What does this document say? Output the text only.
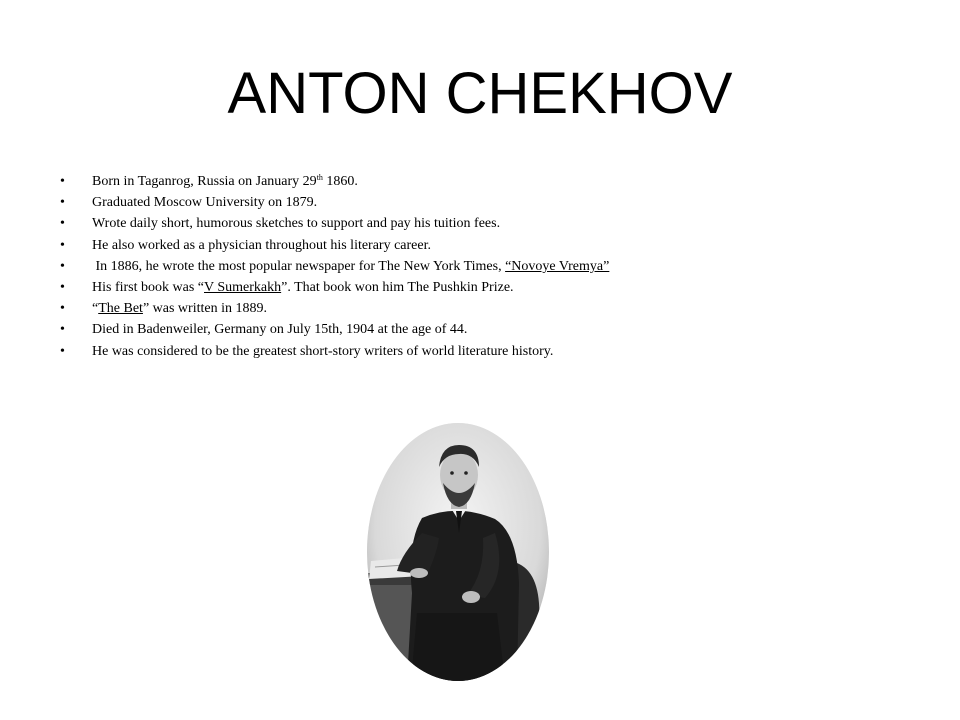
ANTON CHEKHOV
• Born in Taganrog, Russia on January 29th 1860.
• Graduated Moscow University on 1879.
• Wrote daily short, humorous sketches to support and pay his tuition fees.
• He also worked as a physician throughout his literary career.
• In 1886, he wrote the most popular newspaper for The New York Times, “Novoye Vremya”
• His first book was “V Sumerkakh”. That book won him The Pushkin Prize.
• “The Bet” was written in 1889.
• Died in Badenweiler, Germany on July 15th, 1904 at the age of 44.
• He was considered to be the greatest short-story writers of world literature history.
